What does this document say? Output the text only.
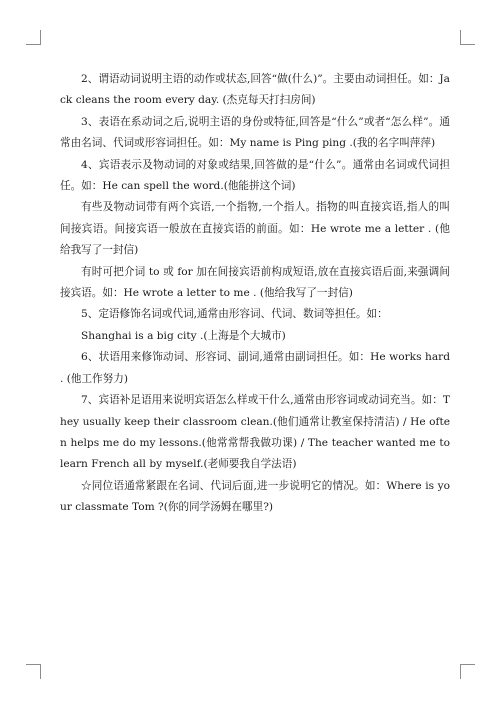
2、谓语动词说明主语的动作或状态,回答“做(什么)”。主要由动词担任。如：Jack cleans the room every day. (杰克每天打扫房间)

3、表语在系动词之后,说明主语的身份或特征,回答是“什么”或者“怎么样”。通常由名词、代词或形容词担任。如：My name is Ping ping .(我的名字叫萍萍)

4、宾语表示及物动词的对象或结果,回答做的是“什么”。通常由名词或代词担任。如：He can spell the word.(他能拼这个词)

有些及物动词带有两个宾语,一个指物,一个指人。指物的叫直接宾语,指人的叫间接宾语。间接宾语一般放在直接宾语的前面。如：He wrote me a letter . (他给我写了一封信)

有时可把介词 to 或 for 加在间接宾语前构成短语,放在直接宾语后面,来强调间接宾语。如：He wrote a letter to me . (他给我写了一封信)

5、定语修饰名词或代词,通常由形容词、代词、数词等担任。如：

Shanghai is a big city .(上海是个大城市)

6、状语用来修饰动词、形容词、副词,通常由副词担任。如：He works hard . (他工作努力)

7、宾语补足语用来说明宾语怎么样或干什么,通常由形容词或动词充当。如：They usually keep their classroom clean.(他们通常让教室保持清洁) / He often helps me do my lessons.(他常常帮我做功课) / The teacher wanted me to learn French all by myself.(老师要我自学法语)

☆同位语通常紧跟在名词、代词后面,进一步说明它的情况。如：Where is your classmate Tom ?(你的同学汤姆在哪里?)
